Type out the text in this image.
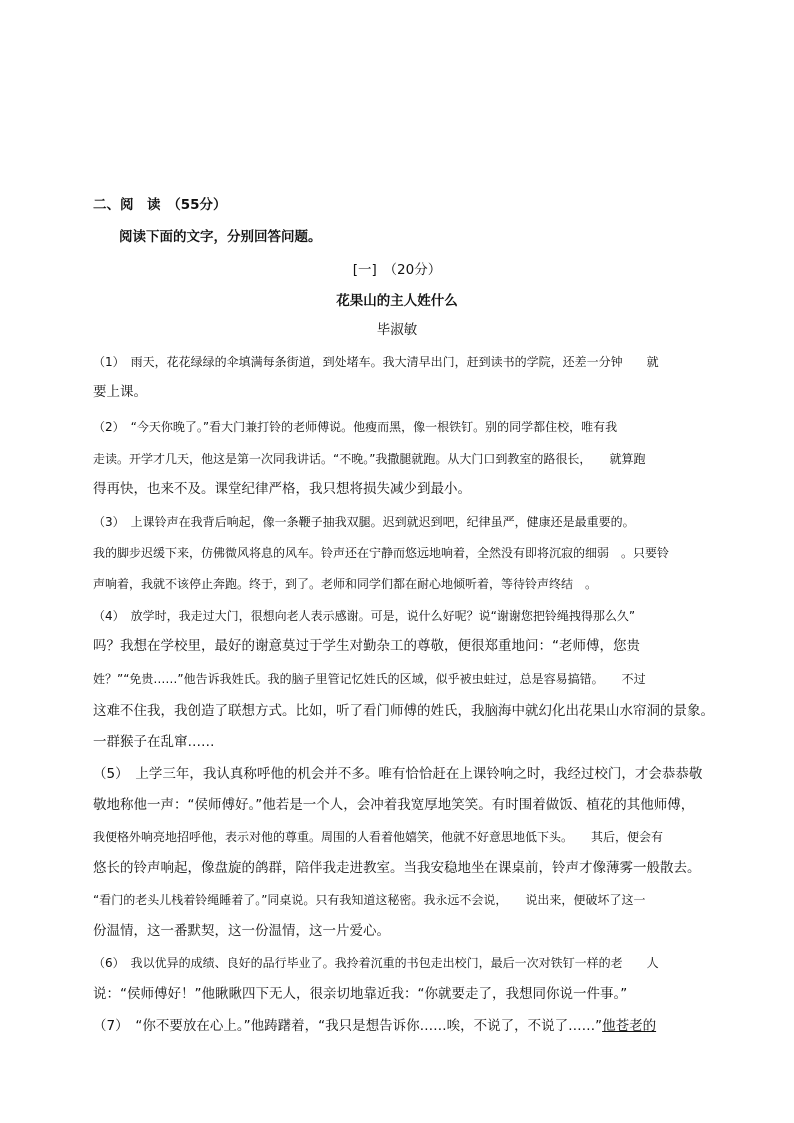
二、阅　读　（55分）
阅读下面的文字，分别回答问题。
[一]　（20分）
花果山的主人姓什么
毕淑敏
（1）　雨天，花花绿绿的伞填满每条街道，到处堵车。我大清早出门，赶到读书的学院，还差一分钟　　就
要上课。
（2）　“今天你晚了。”看大门兼打铃的老师傅说。他瘦而黑，像一根铁钉。别的同学都住校，唯有我
走读。开学才几天，他这是第一次同我讲话。“不晚。”我撒腿就跑。从大门口到教室的路很长，　　就算跑
得再快，也来不及。课堂纪律严格，我只想将损失减少到最小。
（3）　上课铃声在我背后响起，像一条鞭子抽我双腿。迟到就迟到吧，纪律虽严，健康还是最重要的。
我的脚步迟缓下来，仿佛微风将息的风车。铃声还在宁静而悠远地响着，全然没有即将沉寂的细弱　。只要铃
声响着，我就不该停止奔跑。终于，到了。老师和同学们都在耐心地倾听着，等待铃声终结　。
（4）　放学时，我走过大门，很想向老人表示感谢。可是，说什么好呢？说“谢谢您把铃绳拽得那么久”
吗？我想在学校里，最好的谢意莫过于学生对勤杂工的尊敬，便很郑重地问：“老师傅，您贵
姓？”“免贵……”他告诉我姓氏。我的脑子里管记忆姓氏的区域，似乎被虫蛀过，总是容易搞错。　　不过
这难不住我，我创造了联想方式。比如，听了看门师傅的姓氏，我脑海中就幻化出花果山水帘洞的景象。
一群猴子在乱窜……
（5）　上学三年，我认真称呼他的机会并不多。唯有恰恰赶在上课铃响之时，我经过校门，才会恭恭敬
敬地称他一声：“侯师傅好。”他若是一个人，会冲着我宽厚地笑笑。有时围着做饭、植花的其他师傅，
我便格外响亮地招呼他，表示对他的尊重。周围的人看着他嬉笑，他就不好意思地低下头。　　其后，便会有
悠长的铃声响起，像盘旋的鸽群，陪伴我走进教室。当我安稳地坐在课桌前，铃声才像薄雾一般散去。
“看门的老头儿栈着铃绳睡着了。”同桌说。只有我知道这秘密。我永远不会说，　　说出来，便破坏了这一
份温情，这一番默契，这一份温情，这一片爱心。
（6）　我以优异的成绩、良好的品行毕业了。我拎着沉重的书包走出校门，最后一次对铁钉一样的老　　人
说：“侯师傅好！”他瞅瞅四下无人，很亲切地靠近我：“你就要走了，我想同你说一件事。”
（7）　“你不要放在心上。”他踌躇着，“我只是想告诉你……唉，不说了，不说了……”他苍老的
